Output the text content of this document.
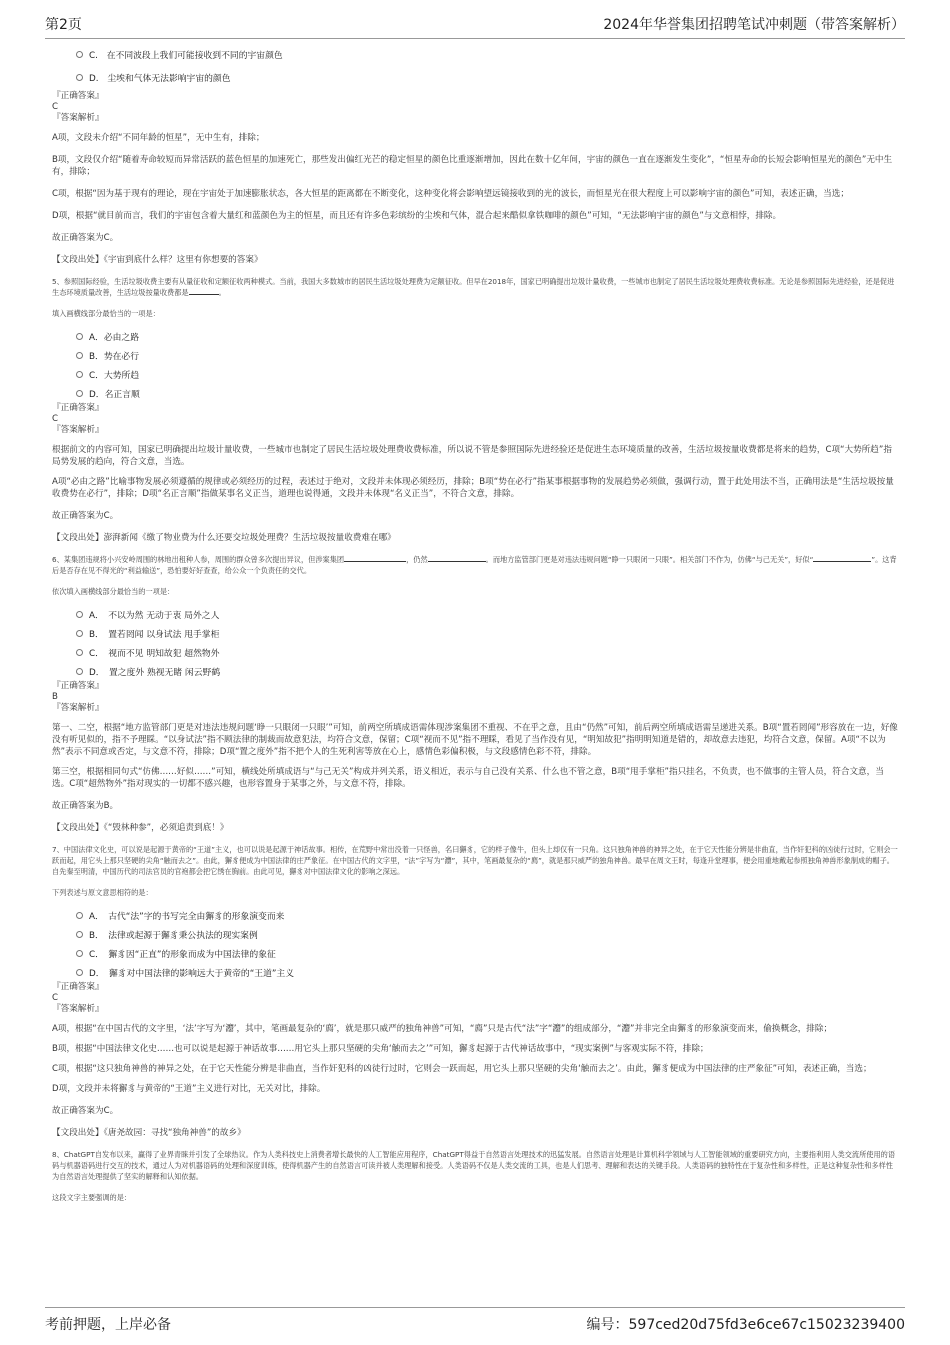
第2页	2024年华誉集团招聘笔试冲刺题（带答案解析）
C.　在不同波段上我们可能接收到不同的宇宙颜色
D.　尘埃和气体无法影响宇宙的颜色
『正确答案』
C
『答案解析』

A项，文段未介绍“不同年龄的恒星”，无中生有，排除；

B项，文段仅介绍“随着寿命较短而异常活跃的蓝色恒星的加速死亡，那些发出偏红光芒的稳定恒星的颜色比重逐渐增加，因此在数十亿年间，宇宙的颜色一直在逐渐发生变化”，“恒星寿命的长短会影响恒星光的颜色”无中生有，排除；

C项，根据“因为基于现有的理论，现在宇宙处于加速膨胀状态，各大恒星的距离都在不断变化，这种变化将会影响望远镜接收到的光的波长，而恒星光在很大程度上可以影响宇宙的颜色”可知，表述正确，当选；

D项，根据“就目前而言，我们的宇宙包含着大量红和蓝颜色为主的恒星，而且还有许多色彩缤纷的尘埃和气体，混合起来酷似拿铁咖啡的颜色”可知，“无法影响宇宙的颜色”与文意相悖，排除。

故正确答案为C。

【文段出处】《宇宙到底什么样？这里有你想要的答案》

5、参照国际经验，生活垃圾收费主要有从量征收和定额征收两种模式。当前，我国大多数城市的居民生活垃圾处理费为定额征收。但早在2018年，国家已明确提出垃圾计量收费，一些城市也制定了居民生活垃圾处理费收费标准。无论是参照国际先进经验，还是促进生态环境质量改善，生活垃圾按量收费都是	。

填入画横线部分最恰当的一项是：

A．必由之路
B．势在必行
C．大势所趋
D．名正言顺
『正确答案』
C
『答案解析』

根据前文的内容可知，国家已明确提出垃圾计量收费，一些城市也制定了居民生活垃圾处理费收费标准，所以说不管是参照国际先进经验还是促进生态环境质量的改善，生活垃圾按量收费都是将来的趋势，C项“大势所趋”指局势发展的趋向，符合文意，当选。

A项“必由之路”比喻事物发展必须遵循的规律或必须经历的过程，表述过于绝对，文段并未体现必须经历，排除；B项“势在必行”指某事根据事物的发展趋势必须做，强调行动，置于此处用法不当，正确用法是“生活垃圾按量收费势在必行”，排除；D项“名正言顺”指做某事名义正当，道理也说得通，文段并未体现“名义正当”，不符合文意，排除。

故正确答案为C。

【文段出处】澎湃新闻《缴了物业费为什么还要交垃圾处理费？生活垃圾按量收费难在哪》

6、某集团违规将小兴安岭周围的林地出租种人参，周围的群众曾多次提出异议，但涉案集团	，仍然	。而地方监管部门更是对违法违规问题“睁一只眼闭一只眼”。相关部门不作为，仿佛“与己无关”，好似“	”。这背后是否存在见不得光的“利益输送”，恐怕要好好查查，给公众一个负责任的交代。

依次填入画横线部分最恰当的一项是：

A．　不以为然 无动于衷 局外之人
B．　置若罔闻 以身试法 甩手掌柜
C．　视而不见 明知故犯 超然物外
D．　置之度外 熟视无睹 闲云野鹤
『正确答案』
B
『答案解析』

第一、二空，根据“地方监管部门更是对违法违规问题‘睁一只眼闭一只眼’”可知，前两空所填成语需体现涉案集团不重视、不在乎之意，且由“仍然”可知，前后两空所填成语需呈递进关系。B项“置若罔闻”形容放在一边，好像没有听见似的，指不予理睬。“以身试法”指不顾法律的制裁而故意犯法，均符合文意，保留；C项“视而不见”指不理睬，看见了当作没有见，“明知故犯”指明明知道是错的，却故意去违犯，均符合文意，保留。A项“不以为然”表示不同意或否定，与文意不符，排除；D项“置之度外”指不把个人的生死利害等放在心上，感情色彩偏积极，与文段感情色彩不符，排除。

第三空，根据相同句式“仿佛……好似……”可知，横线处所填成语与“与己无关”构成并列关系，语义相近，表示与自己没有关系、什么也不管之意，B项“甩手掌柜”指只挂名，不负责，也不做事的主管人员，符合文意，当选。C项“超然物外”指对现实的一切都不感兴趣，也形容置身于某事之外，与文意不符，排除。

故正确答案为B。

【文段出处】《“毁林种参”，必须追责到底！》

7、中国法律文化史，可以说是起源于黄帝的“王道”主义，也可以说是起源于神话故事。相传，在荒野中常出没着一只怪兽，名曰獬豸，它的样子像牛，但头上却仅有一只角。这只独角神兽的神异之处，在于它天性能分辨是非曲直，当作奸犯科的凶徒行过时，它则会一跃而起，用它头上那只坚硬的尖角“触而去之”。由此，獬豸便成为中国法律的庄严象征。在中国古代的文字里，“法”字写为“灋”，其中，笔画最复杂的“廌”，就是那只威严的独角神兽。最早在周文王时，每逢升堂理事，便会用重地戴起参照独角神兽形象制成的帽子。自先秦至明清，中国历代的司法官员的官袍都会把它绣在胸前。由此可见，獬豸对中国法律文化的影响之深远。

下列表述与原文意思相符的是：

A．　古代“法”字的书写完全由獬豸的形象演变而来
B．　法律或起源于獬豸秉公执法的现实案例
C．　獬豸因“正直”的形象而成为中国法律的象征
D．　獬豸对中国法律的影响远大于黄帝的“王道”主义
『正确答案』
C
『答案解析』

A项，根据“在中国古代的文字里，‘法’字写为‘灋’，其中，笔画最复杂的‘廌’，就是那只威严的独角神兽”可知，“廌”只是古代“法”字“灋”的组成部分，“灋”并非完全由獬豸的形象演变而来，偷换概念，排除；

B项，根据“中国法律文化史……也可以说是起源于神话故事……用它头上那只坚硬的尖角‘触而去之’”可知，獬豸起源于古代神话故事中，“现实案例”与客观实际不符，排除；

C项，根据“这只独角神兽的神异之处，在于它天性能分辨是非曲直，当作奸犯科的凶徒行过时，它则会一跃而起，用它头上那只坚硬的尖角‘触而去之’。由此，獬豸便成为中国法律的庄严象征”可知，表述正确，当选；

D项，文段并未将獬豸与黄帝的“王道”主义进行对比，无关对比，排除。

故正确答案为C。

【文段出处】《唐尧故园：寻找“独角神兽”的故乡》

8、ChatGPT自发布以来，赢得了业界青睐并引发了全球热议。作为人类科技史上消费者增长最快的人工智能应用程序，ChatGPT得益于自然语言处理技术的迅猛发展。自然语言处理是计算机科学领域与人工智能领域的重要研究方向，主要指利用人类交流所使用的语码与机器语码进行交互的技术，通过人为对机器语码的处理和深度训练，使得机器产生的自然语言可读并被人类理解和接受。人类语码不仅是人类交流的工具，也是人们思考、理解和表达的关键手段。人类语码的独特性在于复杂性和多样性，正是这种复杂性和多样性为自然语言处理提供了坚实的解释和认知依据。

这段文字主要强调的是：

考前押题，上岸必备	编号：597ced20d75fd3e6ce67c15023239400
